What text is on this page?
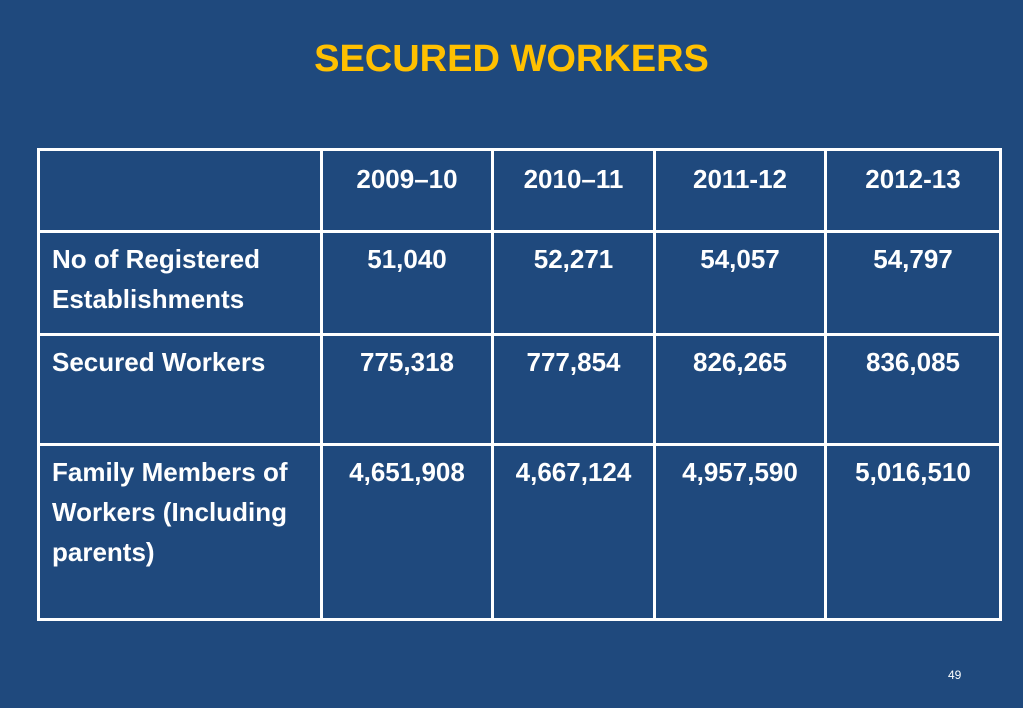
SECURED WORKERS
	2009–10	2010–11	2011-12	2012-13
No of Registered Establishments	51,040	52,271	54,057	54,797
Secured Workers	775,318	777,854	826,265	836,085
Family Members of Workers (Including parents)	4,651,908	4,667,124	4,957,590	5,016,510
49
